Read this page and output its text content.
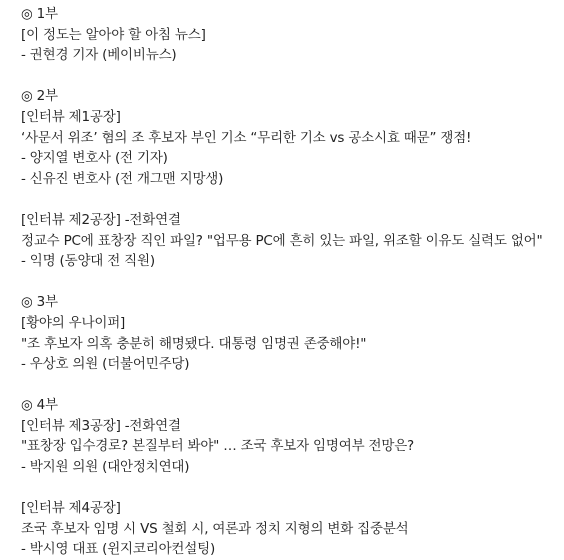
◎ 1부
[이 정도는 알아야 할 아침 뉴스]
- 권현경 기자 (베이비뉴스)
◎ 2부
[인터뷰 제1공장]
‘사문서 위조’ 혐의 조 후보자 부인 기소 “무리한 기소 vs 공소시효 때문” 쟁점!
- 양지열 변호사 (전 기자)
- 신유진 변호사 (전 개그맨 지망생)
[인터뷰 제2공장] -전화연결
정교수 PC에 표창장 직인 파일? "업무용 PC에 흔히 있는 파일, 위조할 이유도 실력도 없어"
- 익명 (동양대 전 직원)
◎ 3부
[황야의 우나이퍼]
"조 후보자 의혹 충분히 해명됐다. 대통령 임명권 존중해야!"
- 우상호 의원 (더불어민주당)
◎ 4부
[인터뷰 제3공장] -전화연결
"표창장 입수경로? 본질부터 봐야" … 조국 후보자 임명여부 전망은?
- 박지원 의원 (대안정치연대)
[인터뷰 제4공장]
조국 후보자 임명 시 VS 철회 시, 여론과 정치 지형의 변화 집중분석
- 박시영 대표 (윈지코리아컨설팅)
